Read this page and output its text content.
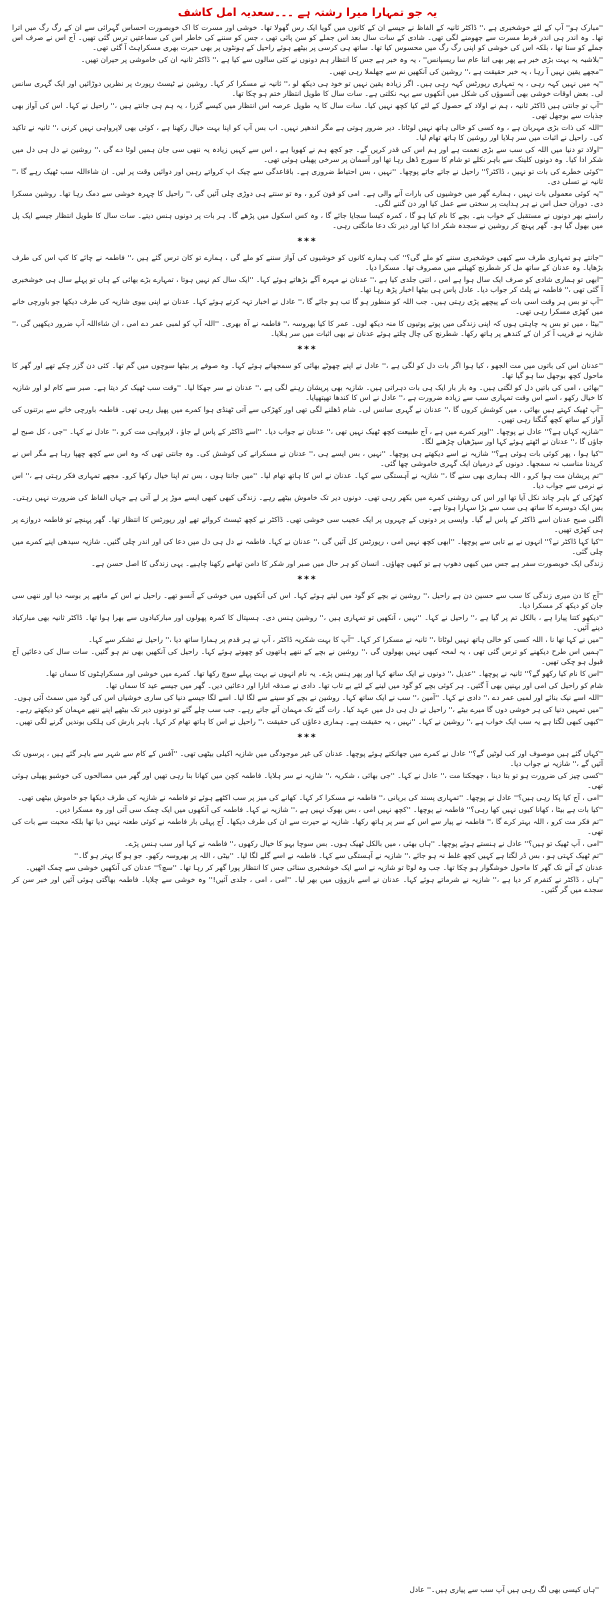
یہ جو تمہارا میرا رشتہ ہے ۔۔۔سعدیہ امل کاشف

''مبارک ہو'' آپ کے لئے خوشخبری ہے ،'' ڈاکٹر ثانیہ کے الفاظ نے جیسے ان کے کانوں میں گویا ایک رس گھولا تھا۔ خوشی اور مسرت کا اک خوبصورت احساس گہرائی سے ان کے رگ رگ میں اترا تھا۔ وہ اندر ہی اندر فرط مسرت سے جھومنے لگی تھی۔ شادی کے سات سال بعد اس جملے کو سن پائی تھی ، جس کو سننے کی خاطر اس کی سماعتیں ترس گئی تھیں۔ آج اس نے صرف اس جملے کو سنا تھا ، بلکہ اس کی خوشی کو اپنی رگ رگ میں محسوس کیا تھا۔ ساتھ ہی کرسی پر بیٹھے ہوئے راحیل کے ہونٹوں پر بھی حیرت بھری مسکراہٹ آ گئی تھی۔

''بلاشبہ یہ بہت بڑی خبر ہے پھر بھی اتنا عام سا ریسپانس'' ، یہ وہ خبر ہے جس کا انتظار ہم دونوں نے کئی سالوں سے کیا ہے ،'' ڈاکٹر ثانیہ ان کی خاموشی پر حیران تھیں۔

''مجھے یقین نہیں آ رہا ، یہ خبر حقیقت ہے ،'' روشین کی آنکھیں نم سے جھلملا رہی تھیں۔

''یہ میں نہیں کہہ رہی ، یہ تمہاری رپورٹس کہہ رہی ہیں۔ اگر زیادہ یقین نہیں تو خود ہی دیکھ لو ،'' ثانیہ نے مسکرا کر کہا۔ روشین نے ٹیسٹ رپورٹ پر نظریں دوڑائیں اور ایک گہری سانس لی۔ بعض اوقات خوشی بھی آنسوؤں کی شکل میں آنکھوں سے بہہ نکلتی ہے۔ سات سال کا طویل انتظار ختم ہو چکا تھا۔

''آپ تو جانتی ہیں ڈاکٹر ثانیہ ، ہم نے اولاد کے حصول کے لئے کیا کچھ نہیں کیا۔ سات سال کا یہ طویل عرصہ اس انتظار میں کیسے گزرا ، یہ ہم ہی جانتے ہیں ،'' راحیل نے کہا۔ اس کی آواز بھی جذبات سے بوجھل تھی۔

''اللہ کی ذات بڑی مہربان ہے ، وہ کسی کو خالی ہاتھ نہیں لوٹاتا۔ دیر ضرور ہوتی ہے مگر اندھیر نہیں۔ اب بس آپ کو اپنا بہت خیال رکھنا ہے ، کوئی بھی لاپرواہی نہیں کرنی ،'' ثانیہ نے تاکید کی۔ راحیل نے اثبات میں سر ہلایا اور روشین کا ہاتھ تھام لیا۔

''اولاد تو دنیا میں اللہ کی سب سے بڑی نعمت ہے اور ہم اس کی قدر کریں گے۔ جو کچھ ہم نے کھویا ہے ، اس سے کہیں زیادہ یہ ننھی سی جان ہمیں لوٹا دے گی ،'' روشین نے دل ہی دل میں شکر ادا کیا۔ وہ دونوں کلینک سے باہر نکلے تو شام کا سورج ڈھل رہا تھا اور آسمان پر سرخی پھیلی ہوئی تھی۔

''کوئی خطرے کی بات تو نہیں ، ڈاکٹر؟'' راحیل نے جاتے جاتے پوچھا۔ ''نہیں ، بس احتیاط ضروری ہے۔ باقاعدگی سے چیک اپ کرواتے رہیں اور دوائیں وقت پر لیں۔ ان شاءاللہ سب ٹھیک رہے گا ،'' ثانیہ نے تسلی دی۔

''یہ کوئی معمولی بات نہیں ، ہمارے گھر میں خوشیوں کی بارات آنے والی ہے۔ امی کو فون کرو ، وہ تو سنتے ہی دوڑی چلی آئیں گی ،'' راحیل کا چہرہ خوشی سے دمک رہا تھا۔ روشین مسکرا دی۔ دوران حمل اس نے ہر ہدایت پر سختی سے عمل کیا اور دن گننے لگی۔

راستے بھر دونوں نے مستقبل کے خواب بنے۔ بچے کا نام کیا ہو گا ، کمرہ کیسا سجایا جائے گا ، وہ کس اسکول میں پڑھے گا۔ ہر بات پر دونوں ہنس دیتے۔ سات سال کا طویل انتظار جیسے ایک پل میں بھول گیا ہو۔ گھر پہنچ کر روشین نے سجدہ شکر ادا کیا اور دیر تک دعا مانگتی رہی۔

***

''جانتے ہو تمہاری طرف سے کبھی خوشخبری سننے کو ملے گی؟'' کب ہمارے کانوں کو خوشیوں کی آواز سننے کو ملے گی ، ہمارے تو کان ترس گئے ہیں ،'' فاطمہ نے چائے کا کپ اس کی طرف بڑھایا۔ وہ عدنان کے ساتھ مل کر شطرنج کھیلنے میں مصروف تھا۔ مسکرا دیا۔

''ابھی تو ہماری شادی کو صرف ایک سال ہوا ہے امی ، اتنی جلدی کیا ہے ،'' عدنان نے مہرہ آگے بڑھاتے ہوئے کہا۔ ''ایک سال کم نہیں ہوتا ، تمہارے بڑے بھائی کے ہاں تو پہلے سال ہی خوشخبری آ گئی تھی ،'' فاطمہ نے پلٹ کر جواب دیا۔ عادل پاس ہی بیٹھا اخبار پڑھ رہا تھا۔

''آپ تو بس ہر وقت اسی بات کے پیچھے پڑی رہتی ہیں۔ جب اللہ کو منظور ہو گا تب ہو جائے گا ،'' عادل نے اخبار تہہ کرتے ہوئے کہا۔ عدنان نے اپنی بیوی شازیہ کی طرف دیکھا جو باورچی خانے میں کھڑی مسکرا رہی تھی۔

''بیٹا ، میں تو بس یہ چاہتی ہوں کہ اپنی زندگی میں پوتے پوتیوں کا منہ دیکھ لوں۔ عمر کا کیا بھروسہ ،'' فاطمہ نے آہ بھری۔ ''اللہ آپ کو لمبی عمر دے امی ، ان شاءاللہ آپ ضرور دیکھیں گی ،'' شازیہ نے قریب آ کر ان کے کندھے پر ہاتھ رکھا۔ شطرنج کی چال چلتے ہوئے عدنان نے بھی اثبات میں سر ہلایا۔

***

''عدنان اس کی باتوں میں مت الجھو ، کیا ہوا اگر بات دل کو لگی ہے ،'' عادل نے اپنے چھوٹے بھائی کو سمجھاتے ہوئے کہا۔ وہ صوفے پر بیٹھا سوچوں میں گم تھا۔ کئی دن گزر چکے تھے اور گھر کا ماحول کچھ بوجھل سا ہو گیا تھا۔

''بھائی ، امی کی باتیں دل کو لگتی ہیں۔ وہ بار بار ایک ہی بات دہراتی ہیں۔ شازیہ بھی پریشان رہنے لگی ہے ،'' عدنان نے سر جھکا لیا۔ ''وقت سب ٹھیک کر دیتا ہے۔ صبر سے کام لو اور شازیہ کا خیال رکھو ، اسے اس وقت تمہاری سب سے زیادہ ضرورت ہے ،'' عادل نے اس کا کندھا تھپتھپایا۔

''آپ ٹھیک کہتے ہیں بھائی ، میں کوشش کروں گا ،'' عدنان نے گہری سانس لی۔ شام ڈھلنے لگی تھی اور کھڑکی سے آتی ٹھنڈی ہوا کمرے میں پھیل رہی تھی۔ فاطمہ باورچی خانے سے برتنوں کی آواز کے ساتھ کچھ گنگنا رہی تھیں۔

''شازیہ کہاں ہے؟'' عادل نے پوچھا۔ ''اوپر کمرے میں ہے ، آج طبیعت کچھ ٹھیک نہیں تھی ،'' عدنان نے جواب دیا۔ ''اسے ڈاکٹر کے پاس لے جاؤ ، لاپرواہی مت کرو ،'' عادل نے کہا۔ ''جی ، کل صبح لے جاؤں گا ،'' عدنان نے اٹھتے ہوئے کہا اور سیڑھیاں چڑھنے لگا۔

''کیا ہوا ، پھر کوئی بات ہوئی ہے؟'' شازیہ نے اسے دیکھتے ہی پوچھا۔ ''نہیں ، بس ایسے ہی ،'' عدنان نے مسکرانے کی کوشش کی۔ وہ جانتی تھی کہ وہ اس سے کچھ چھپا رہا ہے مگر اس نے کریدنا مناسب نہ سمجھا۔ دونوں کے درمیان ایک گہری خاموشی چھا گئی۔

''تم پریشان مت ہوا کرو ، اللہ ہماری بھی سنے گا ،'' شازیہ نے آہستگی سے کہا۔ عدنان نے اس کا ہاتھ تھام لیا۔ ''میں جانتا ہوں ، بس تم اپنا خیال رکھا کرو۔ مجھے تمہاری فکر رہتی ہے ،'' اس نے نرمی سے جواب دیا۔

کھڑکی کے باہر چاند نکل آیا تھا اور اس کی روشنی کمرے میں بکھر رہی تھی۔ دونوں دیر تک خاموش بیٹھے رہے۔ زندگی کبھی کبھی ایسے موڑ پر لے آتی ہے جہاں الفاظ کی ضرورت نہیں رہتی۔ بس ایک دوسرے کا ساتھ ہی سب سے بڑا سہارا ہوتا ہے۔

اگلی صبح عدنان اسے ڈاکٹر کے پاس لے گیا۔ واپسی پر دونوں کے چہروں پر ایک عجیب سی خوشی تھی۔ ڈاکٹر نے کچھ ٹیسٹ کروائے تھے اور رپورٹس کا انتظار تھا۔ گھر پہنچے تو فاطمہ دروازے پر ہی کھڑی تھیں۔

''کیا کہا ڈاکٹر نے؟'' انہوں نے بے تابی سے پوچھا۔ ''ابھی کچھ نہیں امی ، رپورٹس کل آئیں گی ،'' عدنان نے کہا۔ فاطمہ نے دل ہی دل میں دعا کی اور اندر چلی گئیں۔ شازیہ سیدھی اپنے کمرے میں چلی گئی۔

زندگی ایک خوبصورت سفر ہے جس میں کبھی دھوپ ہے تو کبھی چھاؤں۔ انسان کو ہر حال میں صبر اور شکر کا دامن تھامے رکھنا چاہیے۔ یہی زندگی کا اصل حسن ہے۔

***

''آج کا دن میری زندگی کا سب سے حسین دن ہے راحیل ،'' روشین نے بچے کو گود میں لیتے ہوئے کہا۔ اس کی آنکھوں میں خوشی کے آنسو تھے۔ راحیل نے اس کے ماتھے پر بوسہ دیا اور ننھی سی جان کو دیکھ کر مسکرا دیا۔

''دیکھو کتنا پیارا ہے ، بالکل تم پر گیا ہے ،'' راحیل نے کہا۔ ''نہیں ، آنکھیں تو تمہاری ہیں ،'' روشین ہنس دی۔ ہسپتال کا کمرہ پھولوں اور مبارکبادوں سے بھرا ہوا تھا۔ ڈاکٹر ثانیہ بھی مبارکباد دینے آئیں۔

''میں نے کہا تھا نا ، اللہ کسی کو خالی ہاتھ نہیں لوٹاتا ،'' ثانیہ نے مسکرا کر کہا۔ ''آپ کا بہت شکریہ ڈاکٹر ، آپ نے ہر قدم پر ہمارا ساتھ دیا ،'' راحیل نے تشکر سے کہا۔

''ہمیں اس طرح دیکھنے کو ترس گئی تھی ، یہ لمحہ کبھی نہیں بھولوں گی ،'' روشین نے بچے کے ننھے ہاتھوں کو چھوتے ہوئے کہا۔ راحیل کی آنکھیں بھی نم ہو گئیں۔ سات سال کی دعائیں آج قبول ہو چکی تھیں۔

''اس کا نام کیا رکھو گے؟'' ثانیہ نے پوچھا۔ ''عدیل ،'' دونوں نے ایک ساتھ کہا اور پھر ہنس پڑے۔ یہ نام انہوں نے بہت پہلے سوچ رکھا تھا۔ کمرے میں خوشی اور مسکراہٹوں کا سماں تھا۔

شام کو راحیل کی امی اور بہنیں بھی آ گئیں۔ ہر کوئی بچے کو گود میں لینے کے لئے بے تاب تھا۔ دادی نے صدقہ اتارا اور دعائیں دیں۔ گھر میں جیسے عید کا سماں تھا۔

''اللہ اسے نیک بنائے اور لمبی عمر دے ،'' دادی نے کہا۔ ''آمین ،'' سب نے ایک ساتھ کہا۔ روشین نے بچے کو سینے سے لگا لیا۔ اسے لگا جیسے دنیا کی ساری خوشیاں اس کی گود میں سمٹ آئی ہوں۔

''میں تمہیں دنیا کی ہر خوشی دوں گا میرے بیٹے ،'' راحیل نے دل ہی دل میں عہد کیا۔ رات گئے تک مہمان آتے جاتے رہے۔ جب سب چلے گئے تو دونوں دیر تک بیٹھے اپنے ننھے مہمان کو دیکھتے رہے۔

''کبھی کبھی لگتا ہے یہ سب ایک خواب ہے ،'' روشین نے کہا۔ ''نہیں ، یہ حقیقت ہے۔ ہماری دعاؤں کی حقیقت ،'' راحیل نے اس کا ہاتھ تھام کر کہا۔ باہر بارش کی ہلکی بوندیں گرنے لگی تھیں۔

***

''کہاں گئے ہیں موصوف اور کب لوٹیں گے؟'' عادل نے کمرے میں جھانکتے ہوئے پوچھا۔ عدنان کی غیر موجودگی میں شازیہ اکیلی بیٹھی تھی۔ ''آفس کے کام سے شہر سے باہر گئے ہیں ، پرسوں تک آئیں گے ،'' شازیہ نے جواب دیا۔

''کسی چیز کی ضرورت ہو تو بتا دینا ، جھجکنا مت ،'' عادل نے کہا۔ ''جی بھائی ، شکریہ ،'' شازیہ نے سر ہلایا۔ فاطمہ کچن میں کھانا بنا رہی تھیں اور گھر میں مصالحوں کی خوشبو پھیلی ہوئی تھی۔

''امی ، آج کیا پکا رہی ہیں؟'' عادل نے پوچھا۔ ''تمہاری پسند کی بریانی ،'' فاطمہ نے مسکرا کر کہا۔ کھانے کی میز پر سب اکٹھے ہوئے تو فاطمہ نے شازیہ کی طرف دیکھا جو خاموش بیٹھی تھی۔

''کیا بات ہے بیٹا ، کھانا کیوں نہیں کھا رہی؟'' فاطمہ نے پوچھا۔ ''کچھ نہیں امی ، بس بھوک نہیں ہے ،'' شازیہ نے کہا۔ فاطمہ کی آنکھوں میں ایک چمک سی آئی اور وہ مسکرا دیں۔

''تم فکر مت کرو ، اللہ بہتر کرے گا ،'' فاطمہ نے پیار سے اس کے سر پر ہاتھ رکھا۔ شازیہ نے حیرت سے ان کی طرف دیکھا۔ آج پہلی بار فاطمہ نے کوئی طعنہ نہیں دیا تھا بلکہ محبت سے بات کی تھی۔

''امی ، آپ ٹھیک تو ہیں؟'' عادل نے ہنستے ہوئے پوچھا۔ ''ہاں بھئی ، میں بالکل ٹھیک ہوں۔ بس سوچا بہو کا خیال رکھوں ،'' فاطمہ نے کہا اور سب ہنس پڑے۔

''تم ٹھیک کہتی ہو ، بس ڈر لگتا ہے کہیں کچھ غلط نہ ہو جائے ،'' شازیہ نے آہستگی سے کہا۔ فاطمہ نے اسے گلے لگا لیا۔ ''بیٹی ، اللہ پر بھروسہ رکھو۔ جو ہو گا بہتر ہو گا۔''

عدنان کے آنے تک گھر کا ماحول خوشگوار ہو چکا تھا۔ جب وہ لوٹا تو شازیہ نے اسے ایک خوشخبری سنائی جس کا انتظار پورا گھر کر رہا تھا۔ ''سچ؟'' عدنان کی آنکھیں خوشی سے چمک اٹھیں۔

''ہاں ، ڈاکٹر نے کنفرم کر دیا ہے ،'' شازیہ نے شرماتے ہوئے کہا۔ عدنان نے اسے بازوؤں میں بھر لیا۔ ''امی ، امی ، جلدی آئیں!'' وہ خوشی سے چلایا۔ فاطمہ بھاگتی ہوئی آئیں اور خبر سن کر سجدے میں گر گئیں۔

''ہاں کیسی بھی لگ رہی ہیں آپ سب سے پیاری ہیں۔'' عادل
